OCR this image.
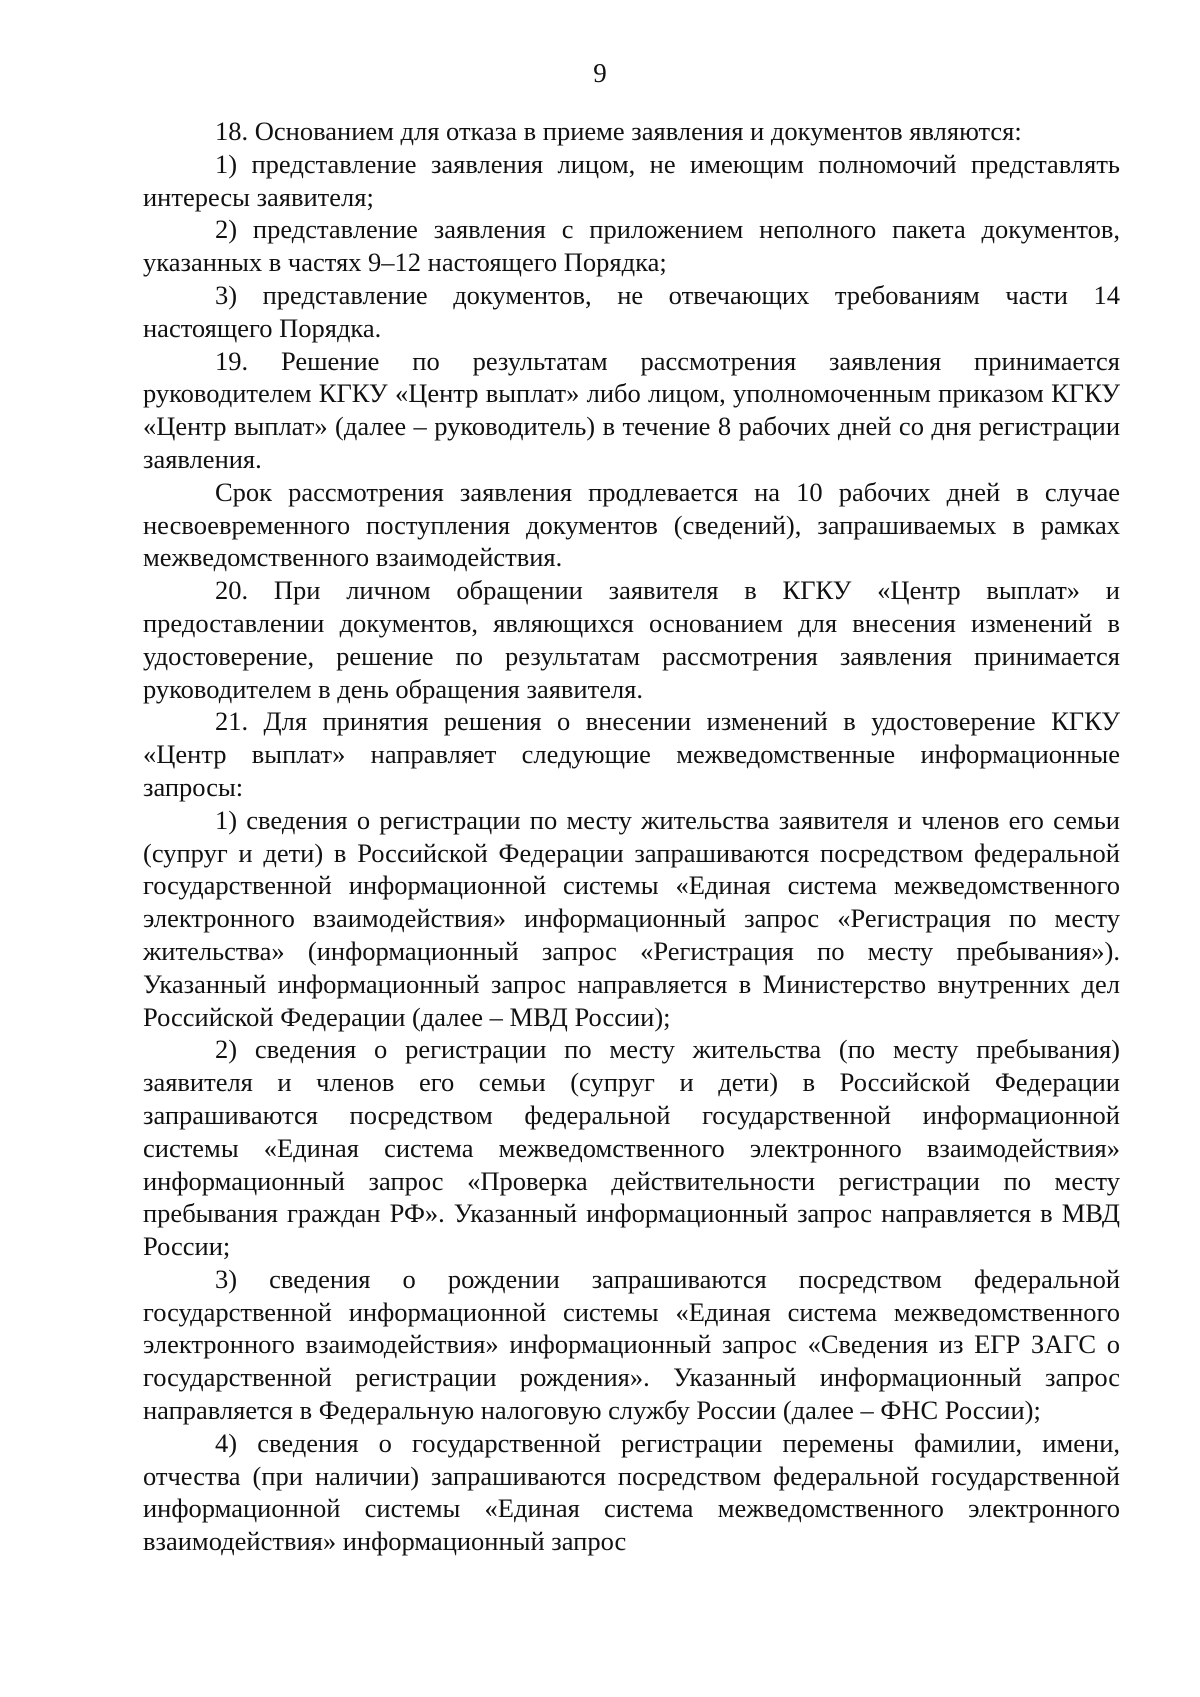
9

18. Основанием для отказа в приеме заявления и документов являются:

1) представление заявления лицом, не имеющим полномочий представлять интересы заявителя;

2) представление заявления с приложением неполного пакета документов, указанных в частях 9–12 настоящего Порядка;

3) представление документов, не отвечающих требованиям части 14 настоящего Порядка.

19. Решение по результатам рассмотрения заявления принимается руководителем КГКУ «Центр выплат» либо лицом, уполномоченным приказом КГКУ «Центр выплат» (далее – руководитель) в течение 8 рабочих дней со дня регистрации заявления.

Срок рассмотрения заявления продлевается на 10 рабочих дней в случае несвоевременного поступления документов (сведений), запрашиваемых в рамках межведомственного взаимодействия.

20. При личном обращении заявителя в КГКУ «Центр выплат» и предоставлении документов, являющихся основанием для внесения изменений в удостоверение, решение по результатам рассмотрения заявления принимается руководителем в день обращения заявителя.

21. Для принятия решения о внесении изменений в удостоверение КГКУ «Центр выплат» направляет следующие межведомственные информационные запросы:

1) сведения о регистрации по месту жительства заявителя и членов его семьи (супруг и дети) в Российской Федерации запрашиваются посредством федеральной государственной информационной системы «Единая система межведомственного электронного взаимодействия» информационный запрос «Регистрация по месту жительства» (информационный запрос «Регистрация по месту пребывания»). Указанный информационный запрос направляется в Министерство внутренних дел Российской Федерации (далее – МВД России);

2) сведения о регистрации по месту жительства (по месту пребывания) заявителя и членов его семьи (супруг и дети) в Российской Федерации запрашиваются посредством федеральной государственной информационной системы «Единая система межведомственного электронного взаимодействия» информационный запрос «Проверка действительности регистрации по месту пребывания граждан РФ». Указанный информационный запрос направляется в МВД России;

3) сведения о рождении запрашиваются посредством федеральной государственной информационной системы «Единая система межведомственного электронного взаимодействия» информационный запрос «Сведения из ЕГР ЗАГС о государственной регистрации рождения». Указанный информационный запрос направляется в Федеральную налоговую службу России (далее – ФНС России);

4) сведения о государственной регистрации перемены фамилии, имени, отчества (при наличии) запрашиваются посредством федеральной государственной информационной системы «Единая система межведомственного электронного взаимодействия» информационный запрос
